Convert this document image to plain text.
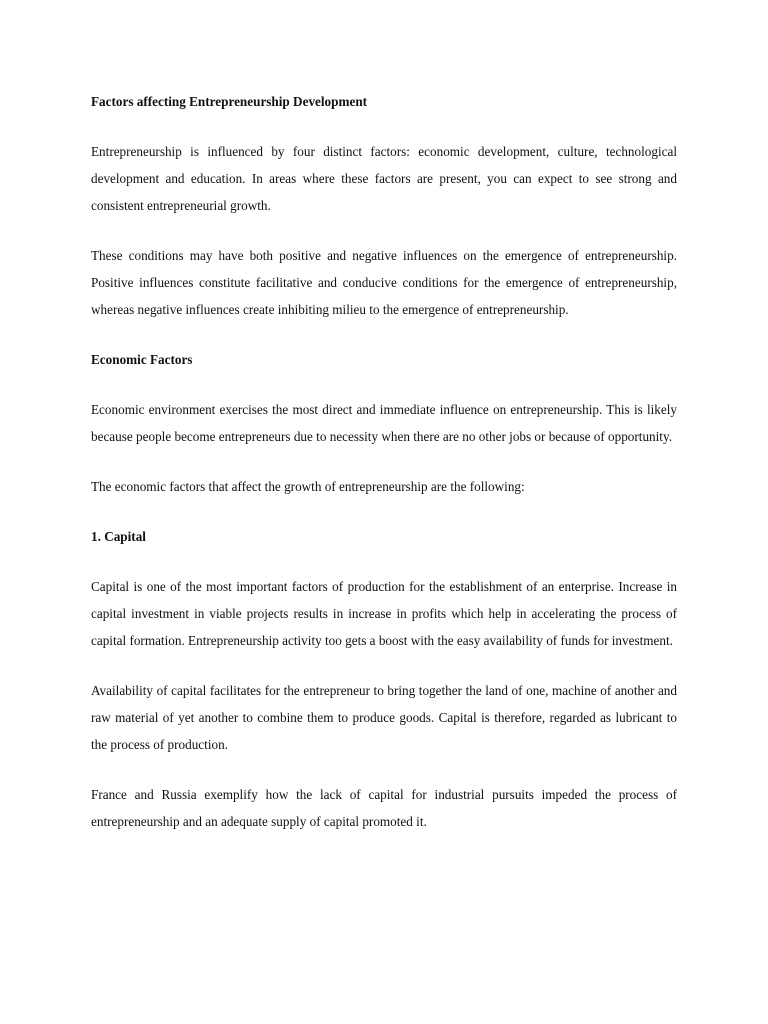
Factors affecting Entrepreneurship Development

Entrepreneurship is influenced by four distinct factors: economic development, culture, technological development and education. In areas where these factors are present, you can expect to see strong and consistent entrepreneurial growth.

These conditions may have both positive and negative influences on the emergence of entrepreneurship. Positive influences constitute facilitative and conducive conditions for the emergence of entrepreneurship, whereas negative influences create inhibiting milieu to the emergence of entrepreneurship.

Economic Factors

Economic environment exercises the most direct and immediate influence on entrepreneurship. This is likely because people become entrepreneurs due to necessity when there are no other jobs or because of opportunity.

The economic factors that affect the growth of entrepreneurship are the following:

1. Capital

Capital is one of the most important factors of production for the establishment of an enterprise. Increase in capital investment in viable projects results in increase in profits which help in accelerating the process of capital formation. Entrepreneurship activity too gets a boost with the easy availability of funds for investment.

Availability of capital facilitates for the entrepreneur to bring together the land of one, machine of another and raw material of yet another to combine them to produce goods. Capital is therefore, regarded as lubricant to the process of production.

France and Russia exemplify how the lack of capital for industrial pursuits impeded the process of entrepreneurship and an adequate supply of capital promoted it.
